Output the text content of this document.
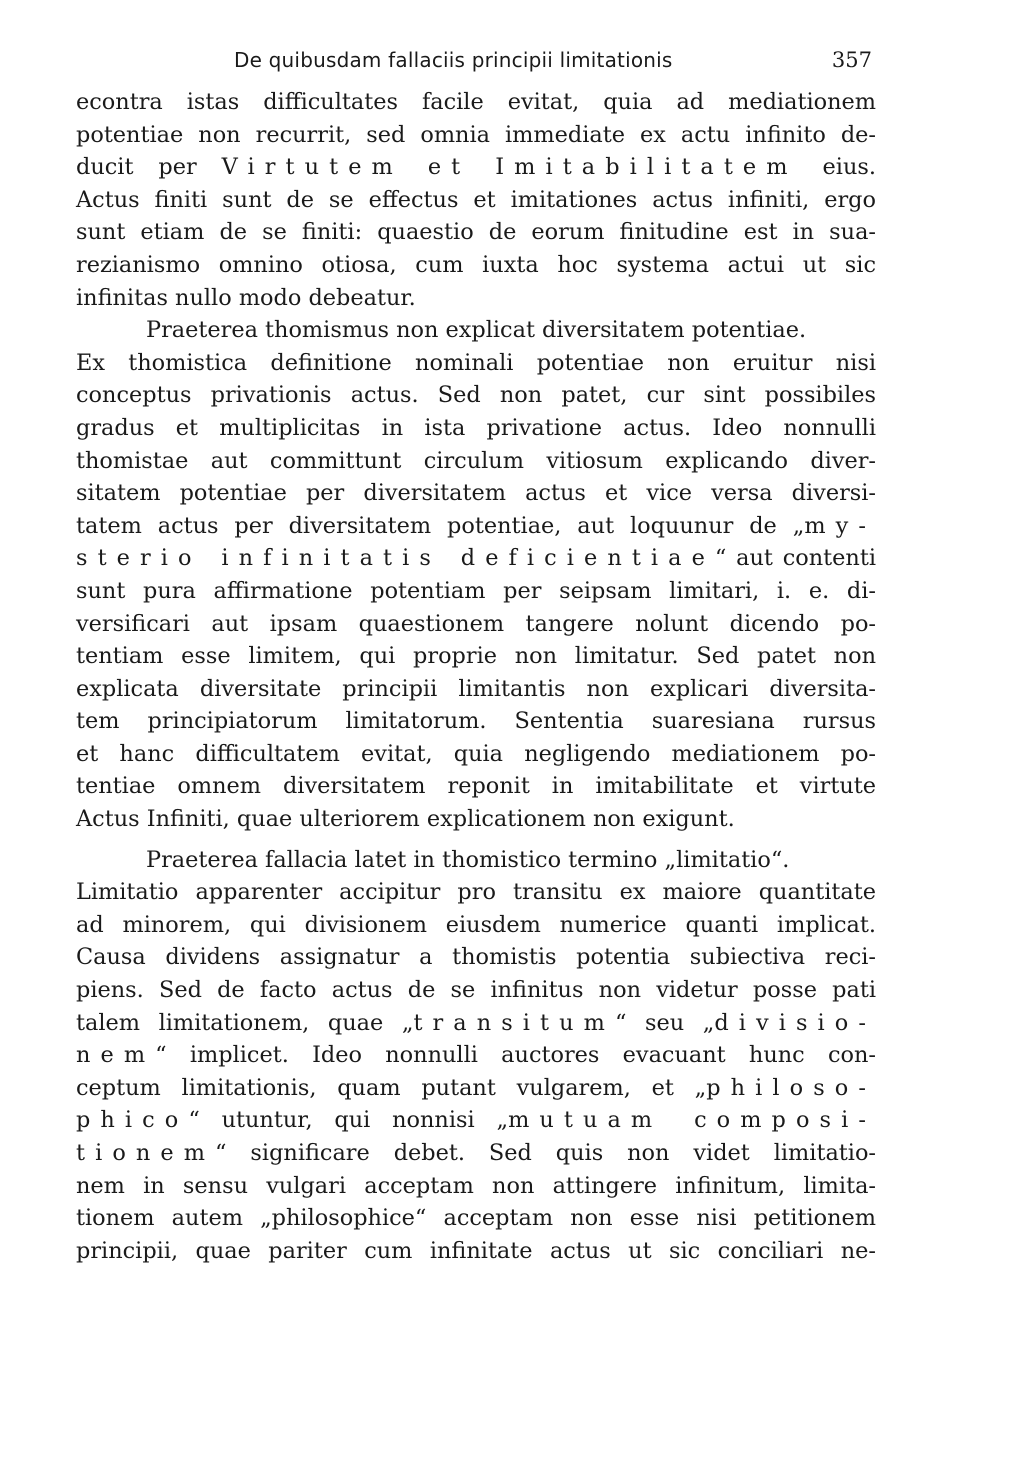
De quibusdam fallaciis principii limitationis	357
econtra istas difficultates facile evitat, quia ad mediationem
potentiae non recurrit, sed omnia immediate ex actu infinito de-
ducit per Virtutem et Imitabilitatem eius.
Actus finiti sunt de se effectus et imitationes actus infiniti, ergo
sunt etiam de se finiti: quaestio de eorum finitudine est in sua-
rezianismo omnino otiosa, cum iuxta hoc systema actui ut sic
infinitas nullo modo debeatur.
Praeterea thomismus non explicat diversitatem potentiae.
Ex thomistica definitione nominali potentiae non eruitur nisi
conceptus privationis actus. Sed non patet, cur sint possibiles
gradus et multiplicitas in ista privatione actus. Ideo nonnulli
thomistae aut committunt circulum vitiosum explicando diver-
sitatem potentiae per diversitatem actus et vice versa diversi-
tatem actus per diversitatem potentiae, aut loquunur de „my-
sterio infinitatis deficientiae“ aut contenti
sunt pura affirmatione potentiam per seipsam limitari, i. e. di-
versificari aut ipsam quaestionem tangere nolunt dicendo po-
tentiam esse limitem, qui proprie non limitatur. Sed patet non
explicata diversitate principii limitantis non explicari diversita-
tem principiatorum limitatorum. Sententia suaresiana rursus
et hanc difficultatem evitat, quia negligendo mediationem po-
tentiae omnem diversitatem reponit in imitabilitate et virtute
Actus Infiniti, quae ulteriorem explicationem non exigunt.
Praeterea fallacia latet in thomistico termino „limitatio“.
Limitatio apparenter accipitur pro transitu ex maiore quantitate
ad minorem, qui divisionem eiusdem numerice quanti implicat.
Causa dividens assignatur a thomistis potentia subiectiva reci-
piens. Sed de facto actus de se infinitus non videtur posse pati
talem limitationem, quae „transitum“ seu „divisio-
nem“ implicet. Ideo nonnulli auctores evacuant hunc con-
ceptum limitationis, quam putant vulgarem, et „philoso-
phico“ utuntur, qui nonnisi „mutuam composi-
tionem“ significare debet. Sed quis non videt limitatio-
nem in sensu vulgari acceptam non attingere infinitum, limita-
tionem autem „philosophice“ acceptam non esse nisi petitionem
principii, quae pariter cum infinitate actus ut sic conciliari ne-
